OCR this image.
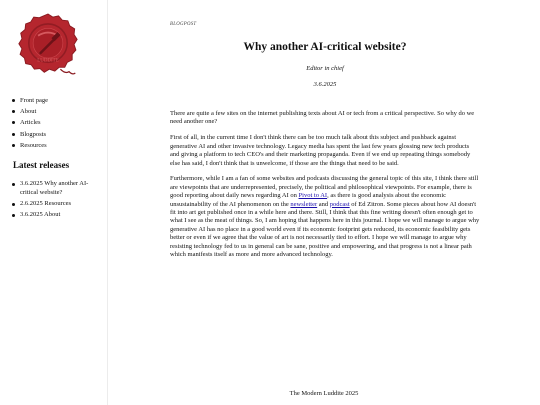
LUDDITE
Front page
About
Articles
Blogposts
Resources
Latest releases
3.6.2025 Why another AI-critical website?
2.6.2025 Resources
3.6.2025 About

BLOGPOST

Why another AI-critical website?

Editor in chief

3.6.2025

There are quite a few sites on the internet publishing texts about AI or tech from a critical perspective. So why do we need another one?

First of all, in the current time I don't think there can be too much talk about this subject and pushback against generative AI and other invasive technology. Legacy media has spent the last few years glossing new tech products and giving a platform to tech CEO's and their marketing propaganda. Even if we end up repeating things somebody else has said, I don't think that is unwelcome, if those are the things that need to be said.

Furthermore, while I am a fan of some websites and podcasts discussing the general topic of this site, I think there still are viewpoints that are underrepresented, precisely, the political and philosophical viewpoints. For example, there is good reporting about daily news regarding AI on Pivot to AI, as there is good analysis about the economic unsustainability of the AI phenomenon on the newsletter and podcast of Ed Zitron. Some pieces about how AI doesn't fit into art get published once in a while here and there. Still, I think that this fine writing doesn't often enough get to what I see as the meat of things. So, I am hoping that happens here in this journal. I hope we will manage to argue why generative AI has no place in a good world even if its economic footprint gets reduced, its economic feasibility gets better or even if we agree that the value of art is not necessarily tied to effort. I hope we will manage to argue why resisting technology fed to us in general can be sane, positive and empowering, and that progress is not a linear path which manifests itself as more and more advanced technology.

The Modern Luddite 2025
